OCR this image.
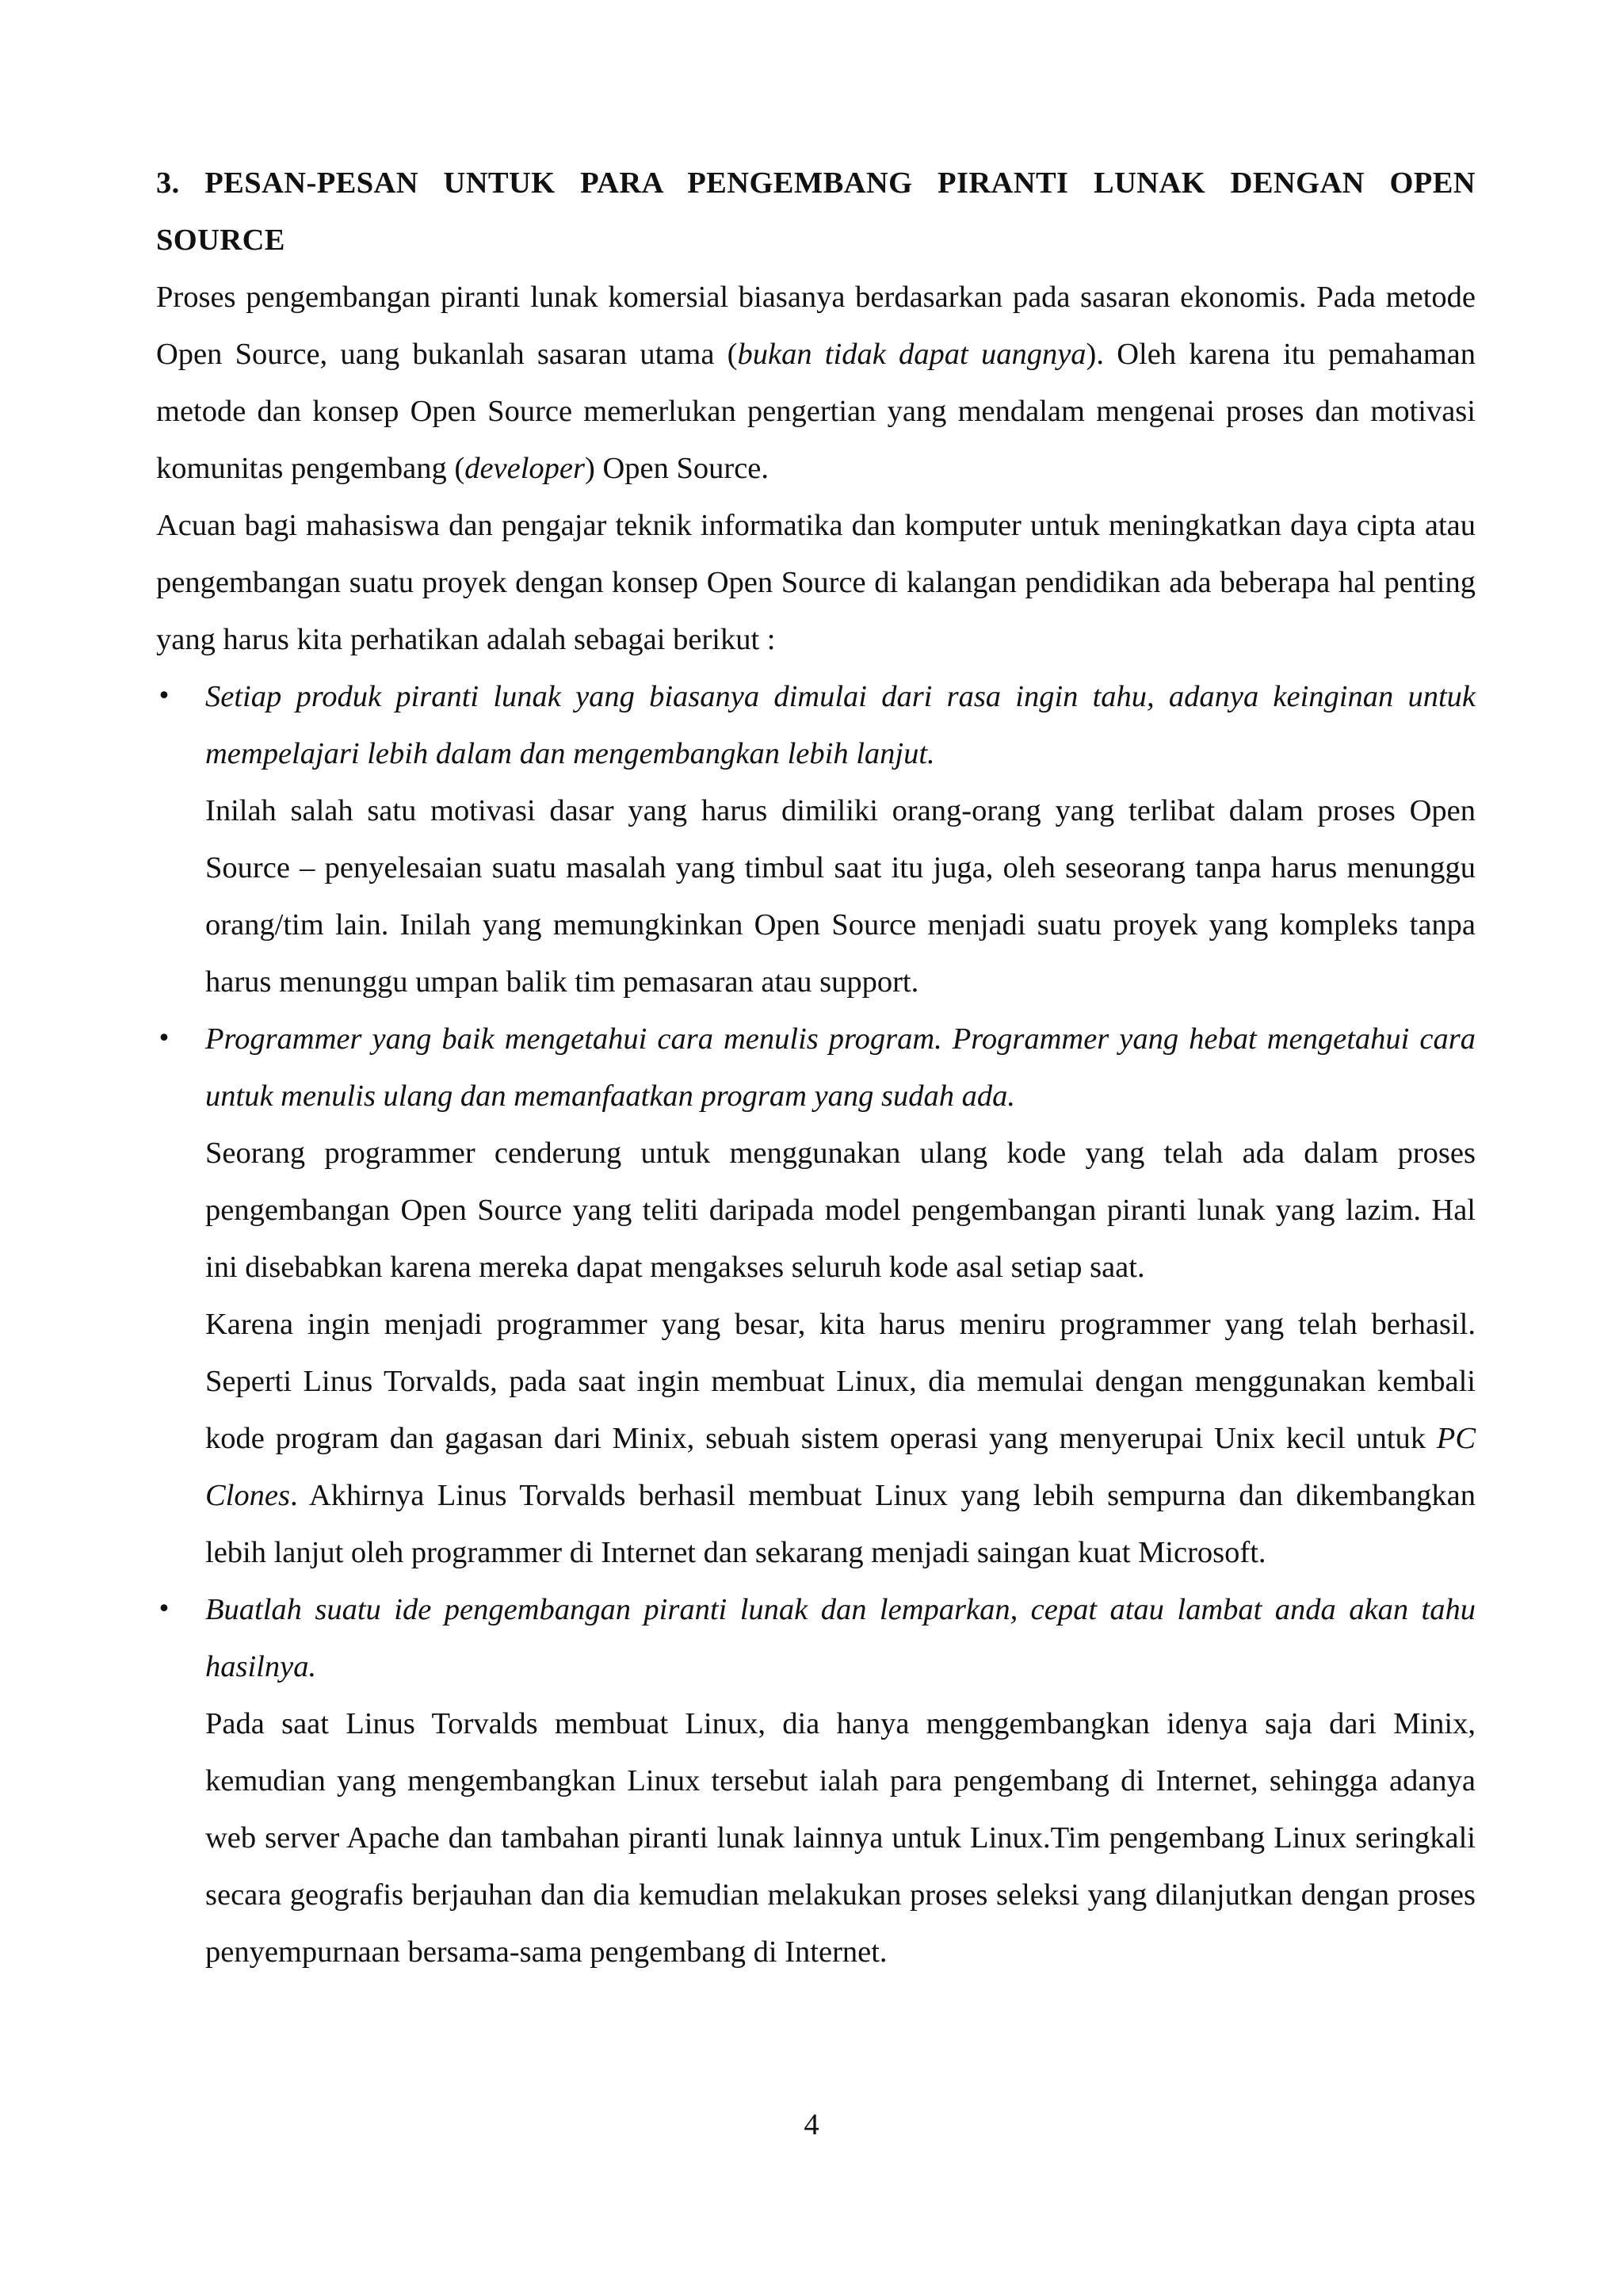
3. PESAN-PESAN UNTUK PARA PENGEMBANG PIRANTI LUNAK DENGAN OPEN SOURCE

Proses pengembangan piranti lunak komersial biasanya berdasarkan pada sasaran ekonomis. Pada metode Open Source, uang bukanlah sasaran utama (bukan tidak dapat uangnya). Oleh karena itu pemahaman metode dan konsep Open Source memerlukan pengertian yang mendalam mengenai proses dan motivasi komunitas pengembang (developer) Open Source.

Acuan bagi mahasiswa dan pengajar teknik informatika dan komputer untuk meningkatkan daya cipta atau pengembangan suatu proyek dengan konsep Open Source di kalangan pendidikan ada beberapa hal penting yang harus kita perhatikan adalah sebagai berikut :

• Setiap produk piranti lunak yang biasanya dimulai dari rasa ingin tahu, adanya keinginan untuk mempelajari lebih dalam dan mengembangkan lebih lanjut.

Inilah salah satu motivasi dasar yang harus dimiliki orang-orang yang terlibat dalam proses Open Source – penyelesaian suatu masalah yang timbul saat itu juga, oleh seseorang tanpa harus menunggu orang/tim lain. Inilah yang memungkinkan Open Source menjadi suatu proyek yang kompleks tanpa harus menunggu umpan balik tim pemasaran atau support.

• Programmer yang baik mengetahui cara menulis program. Programmer yang hebat mengetahui cara untuk menulis ulang dan memanfaatkan program yang sudah ada.

Seorang programmer cenderung untuk menggunakan ulang kode yang telah ada dalam proses pengembangan Open Source yang teliti daripada model pengembangan piranti lunak yang lazim. Hal ini disebabkan karena mereka dapat mengakses seluruh kode asal setiap saat.

Karena ingin menjadi programmer yang besar, kita harus meniru programmer yang telah berhasil. Seperti Linus Torvalds, pada saat ingin membuat Linux, dia memulai dengan menggunakan kembali kode program dan gagasan dari Minix, sebuah sistem operasi yang menyerupai Unix kecil untuk PC Clones. Akhirnya Linus Torvalds berhasil membuat Linux yang lebih sempurna dan dikembangkan lebih lanjut oleh programmer di Internet dan sekarang menjadi saingan kuat Microsoft.

• Buatlah suatu ide pengembangan piranti lunak dan lemparkan, cepat atau lambat anda akan tahu hasilnya.

Pada saat Linus Torvalds membuat Linux, dia hanya menggembangkan idenya saja dari Minix, kemudian yang mengembangkan Linux tersebut ialah para pengembang di Internet, sehingga adanya web server Apache dan tambahan piranti lunak lainnya untuk Linux.Tim pengembang Linux seringkali secara geografis berjauhan dan dia kemudian melakukan proses seleksi yang dilanjutkan dengan proses penyempurnaan bersama-sama pengembang di Internet.

4
